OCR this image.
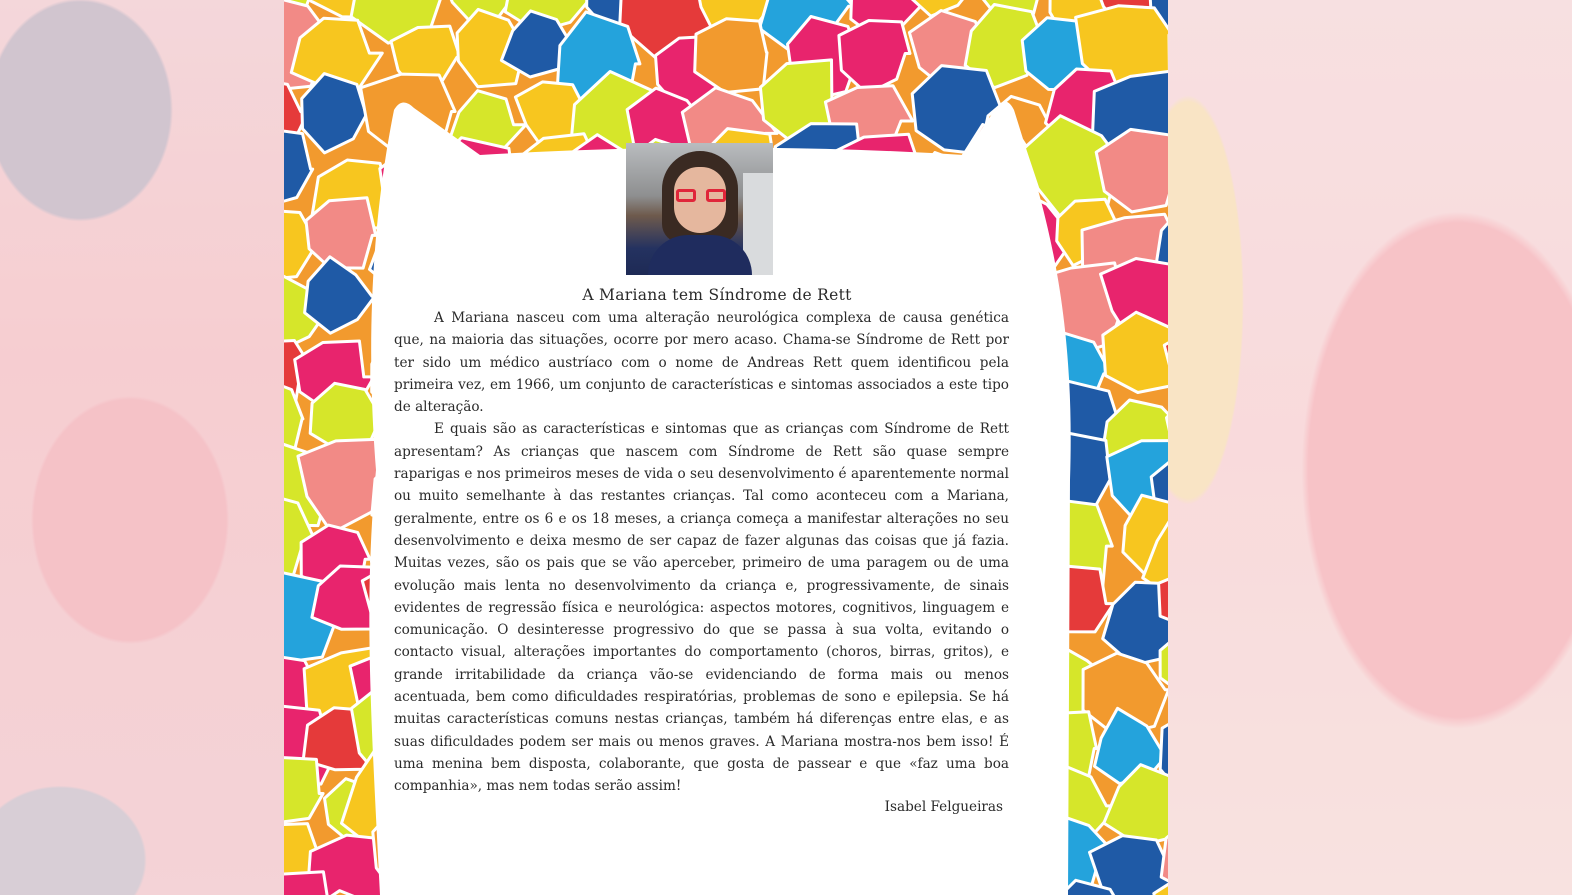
A Mariana tem Síndrome de Rett

A Mariana nasceu com uma alteração neurológica complexa de causa genética que, na maioria das situações, ocorre por mero acaso. Chama-se Síndrome de Rett por ter sido um médico austríaco com o nome de Andreas Rett quem identificou pela primeira vez, em 1966, um conjunto de características e sintomas associados a este tipo de alteração.

E quais são as características e sintomas que as crianças com Síndrome de Rett apresentam? As crianças que nascem com Síndrome de Rett são quase sempre raparigas e nos primeiros meses de vida o seu desenvolvimento é aparentemente normal ou muito semelhante à das restantes crianças. Tal como aconteceu com a Mariana, geralmente, entre os 6 e os 18 meses, a criança começa a manifestar alterações no seu desenvolvimento e deixa mesmo de ser capaz de fazer algunas das coisas que já fazia. Muitas vezes, são os pais que se vão aperceber, primeiro de uma paragem ou de uma evolução mais lenta no desenvolvimento da criança e, progressivamente, de sinais evidentes de regressão física e neurológica: aspectos motores, cognitivos, linguagem e comunicação. O desinteresse progressivo do que se passa à sua volta, evitando o contacto visual, alterações importantes do comportamento (choros, birras, gritos), e grande irritabilidade da criança vão-se evidenciando de forma mais ou menos acentuada, bem como dificuldades respiratórias, problemas de sono e epilepsia. Se há muitas características comuns nestas crianças, também há diferenças entre elas, e as suas dificuldades podem ser mais ou menos graves. A Mariana mostra-nos bem isso! É uma menina bem disposta, colaborante, que gosta de passear e que «faz uma boa companhia», mas nem todas serão assim!

Isabel Felgueiras
